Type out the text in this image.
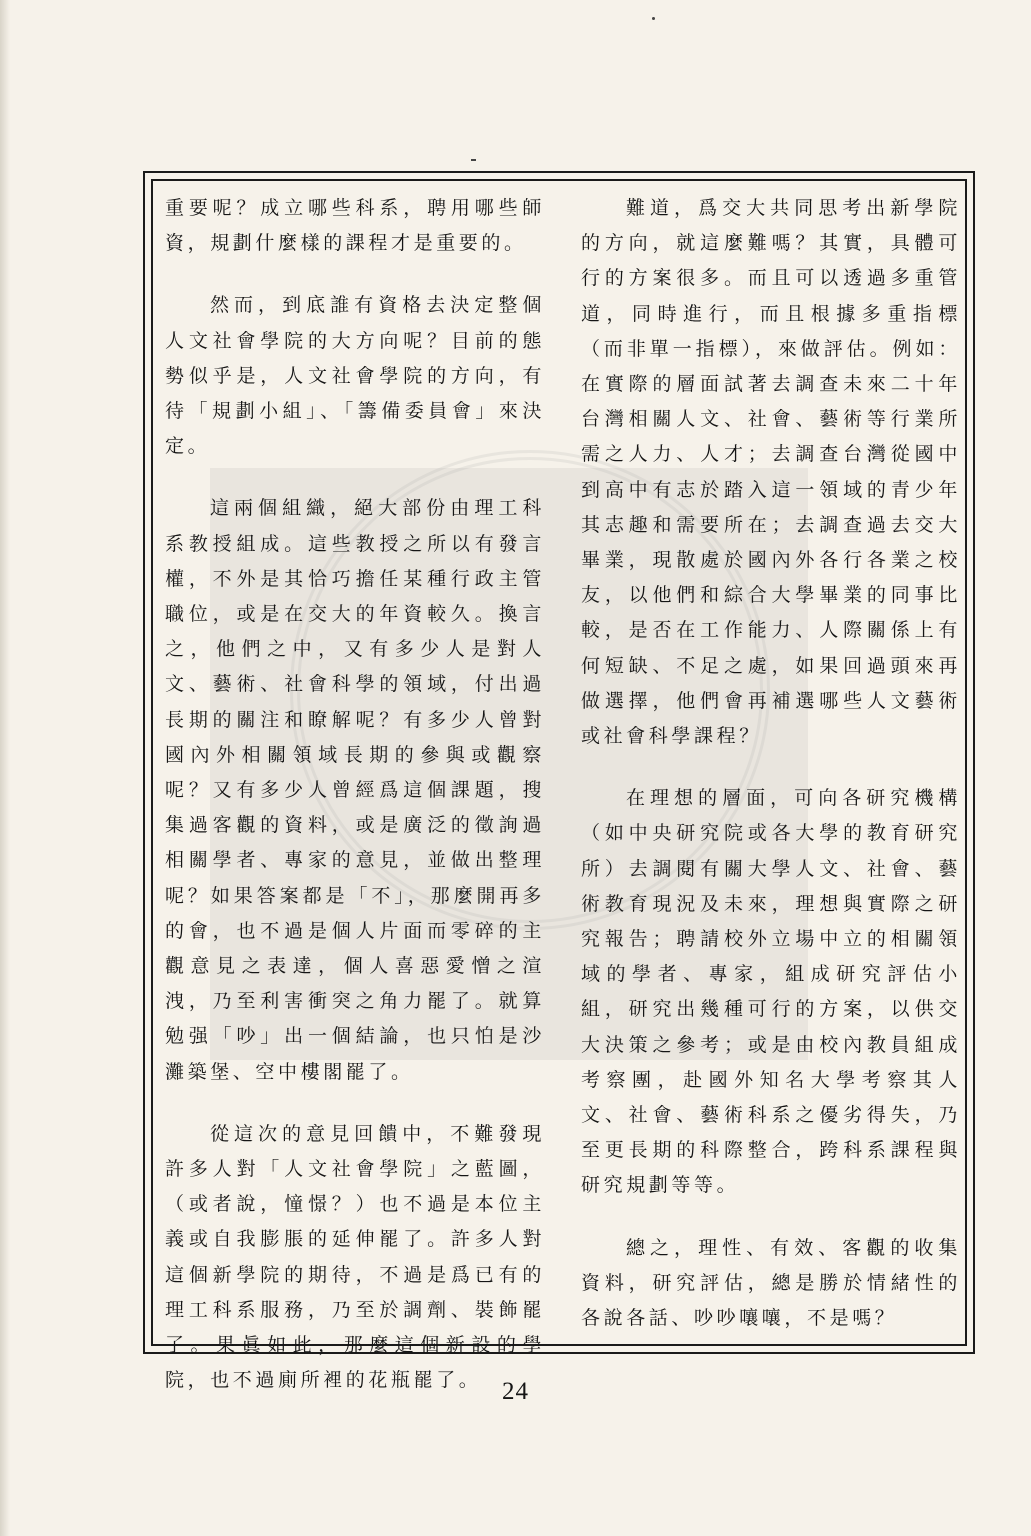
重要呢？成立哪些科系，聘用哪些師資，規劃什麼樣的課程才是重要的。

然而，到底誰有資格去決定整個人文社會學院的大方向呢？目前的態勢似乎是，人文社會學院的方向，有待「規劃小組」、「籌備委員會」來決定。

這兩個組織，絕大部份由理工科系教授組成。這些教授之所以有發言權，不外是其恰巧擔任某種行政主管職位，或是在交大的年資較久。換言之，他們之中，又有多少人是對人文、藝術、社會科學的領域，付出過長期的關注和瞭解呢？有多少人曾對國內外相關領域長期的參與或觀察呢？又有多少人曾經爲這個課題，搜集過客觀的資料，或是廣泛的徵詢過相關學者、專家的意見，並做出整理呢？如果答案都是「不」，那麼開再多的會，也不過是個人片面而零碎的主觀意見之表達，個人喜惡愛憎之渲洩，乃至利害衝突之角力罷了。就算勉强「吵」出一個結論，也只怕是沙灘築堡、空中樓閣罷了。

從這次的意見回饋中，不難發現許多人對「人文社會學院」之藍圖，（或者說，憧憬？）也不過是本位主義或自我膨脹的延伸罷了。許多人對這個新學院的期待，不過是爲已有的理工科系服務，乃至於調劑、裝飾罷了。果眞如此，那麼這個新設的學院，也不過廁所裡的花瓶罷了。

難道，爲交大共同思考出新學院的方向，就這麼難嗎？其實，具體可行的方案很多。而且可以透過多重管道，同時進行，而且根據多重指標（而非單一指標），來做評估。例如：在實際的層面試著去調查未來二十年台灣相關人文、社會、藝術等行業所需之人力、人才；去調查台灣從國中到高中有志於踏入這一領域的青少年其志趣和需要所在；去調查過去交大畢業，現散處於國內外各行各業之校友，以他們和綜合大學畢業的同事比較，是否在工作能力、人際關係上有何短缺、不足之處，如果回過頭來再做選擇，他們會再補選哪些人文藝術或社會科學課程？

在理想的層面，可向各研究機構（如中央研究院或各大學的教育研究所）去調閱有關大學人文、社會、藝術教育現況及未來，理想與實際之研究報告；聘請校外立場中立的相關領域的學者、專家，組成研究評估小組，研究出幾種可行的方案，以供交大決策之參考；或是由校內教員組成考察團，赴國外知名大學考察其人文、社會、藝術科系之優劣得失，乃至更長期的科際整合，跨科系課程與研究規劃等等。

總之，理性、有效、客觀的收集資料，研究評估，總是勝於情緒性的各說各話、吵吵嚷嚷，不是嗎？

24
